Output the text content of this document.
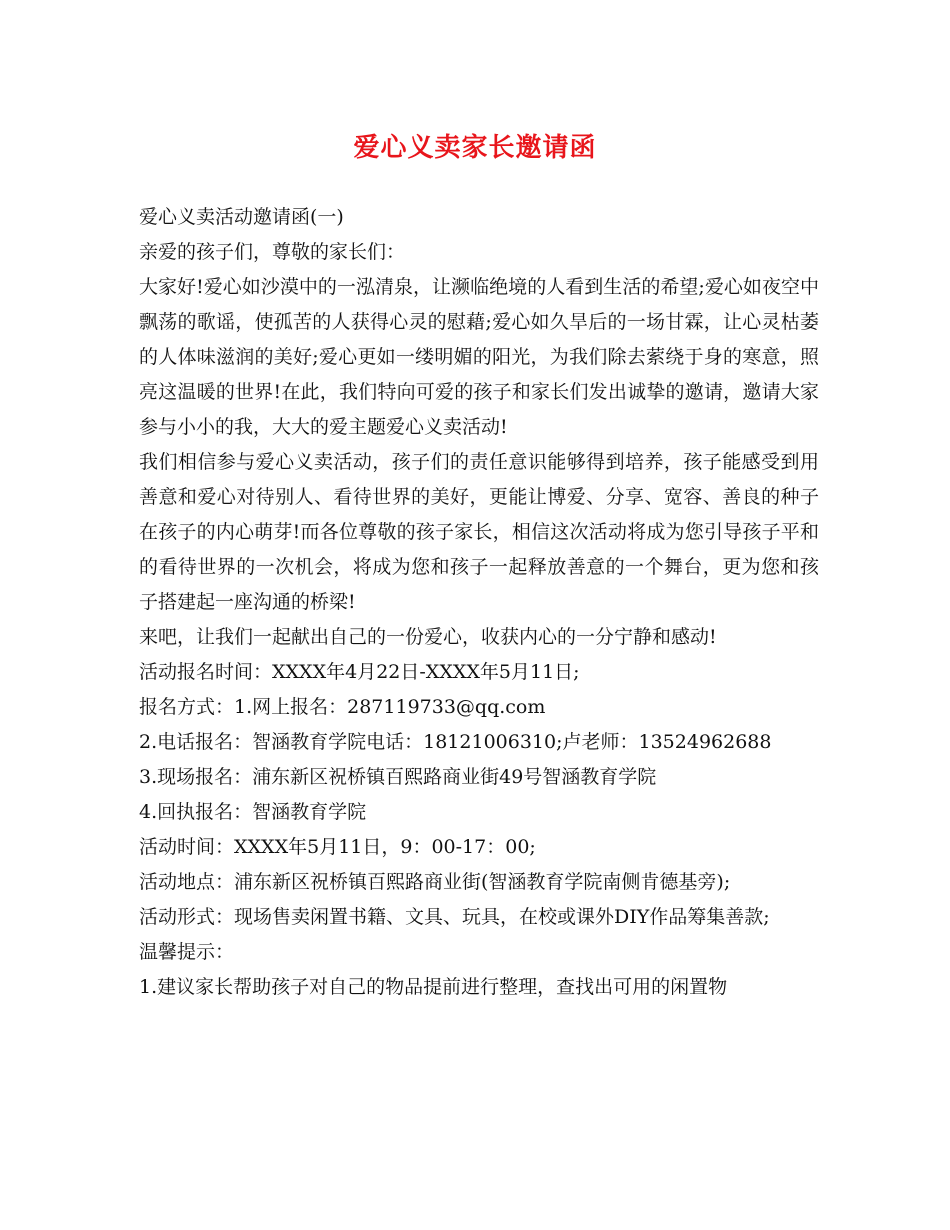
爱心义卖家长邀请函

爱心义卖活动邀请函(一)

亲爱的孩子们，尊敬的家长们：

大家好!爱心如沙漠中的一泓清泉，让濒临绝境的人看到生活的希望;爱心如夜空中飘荡的歌谣，使孤苦的人获得心灵的慰藉;爱心如久旱后的一场甘霖，让心灵枯萎的人体味滋润的美好;爱心更如一缕明媚的阳光，为我们除去萦绕于身的寒意，照亮这温暖的世界!在此，我们特向可爱的孩子和家长们发出诚挚的邀请，邀请大家参与小小的我，大大的爱主题爱心义卖活动!

我们相信参与爱心义卖活动，孩子们的责任意识能够得到培养，孩子能感受到用善意和爱心对待别人、看待世界的美好，更能让博爱、分享、宽容、善良的种子在孩子的内心萌芽!而各位尊敬的孩子家长，相信这次活动将成为您引导孩子平和的看待世界的一次机会，将成为您和孩子一起释放善意的一个舞台，更为您和孩子搭建起一座沟通的桥梁!

来吧，让我们一起献出自己的一份爱心，收获内心的一分宁静和感动!

活动报名时间：XXXX年4月22日-XXXX年5月11日;

报名方式：1.网上报名：287119733@qq.com

2.电话报名：智涵教育学院电话：18121006310;卢老师：13524962688

3.现场报名：浦东新区祝桥镇百熙路商业街49号智涵教育学院

4.回执报名：智涵教育学院

活动时间：XXXX年5月11日，9：00-17：00;

活动地点：浦东新区祝桥镇百熙路商业街(智涵教育学院南侧肯德基旁);

活动形式：现场售卖闲置书籍、文具、玩具，在校或课外DIY作品筹集善款;

温馨提示：

1.建议家长帮助孩子对自己的物品提前进行整理，查找出可用的闲置物
